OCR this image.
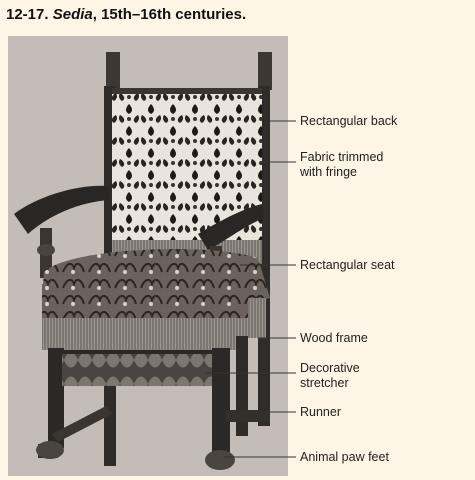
12-17. Sedia, 15th–16th centuries.
Rectangular back
Fabric trimmed
with fringe
Rectangular seat
Wood frame
Decorative
stretcher
Runner
Animal paw feet
